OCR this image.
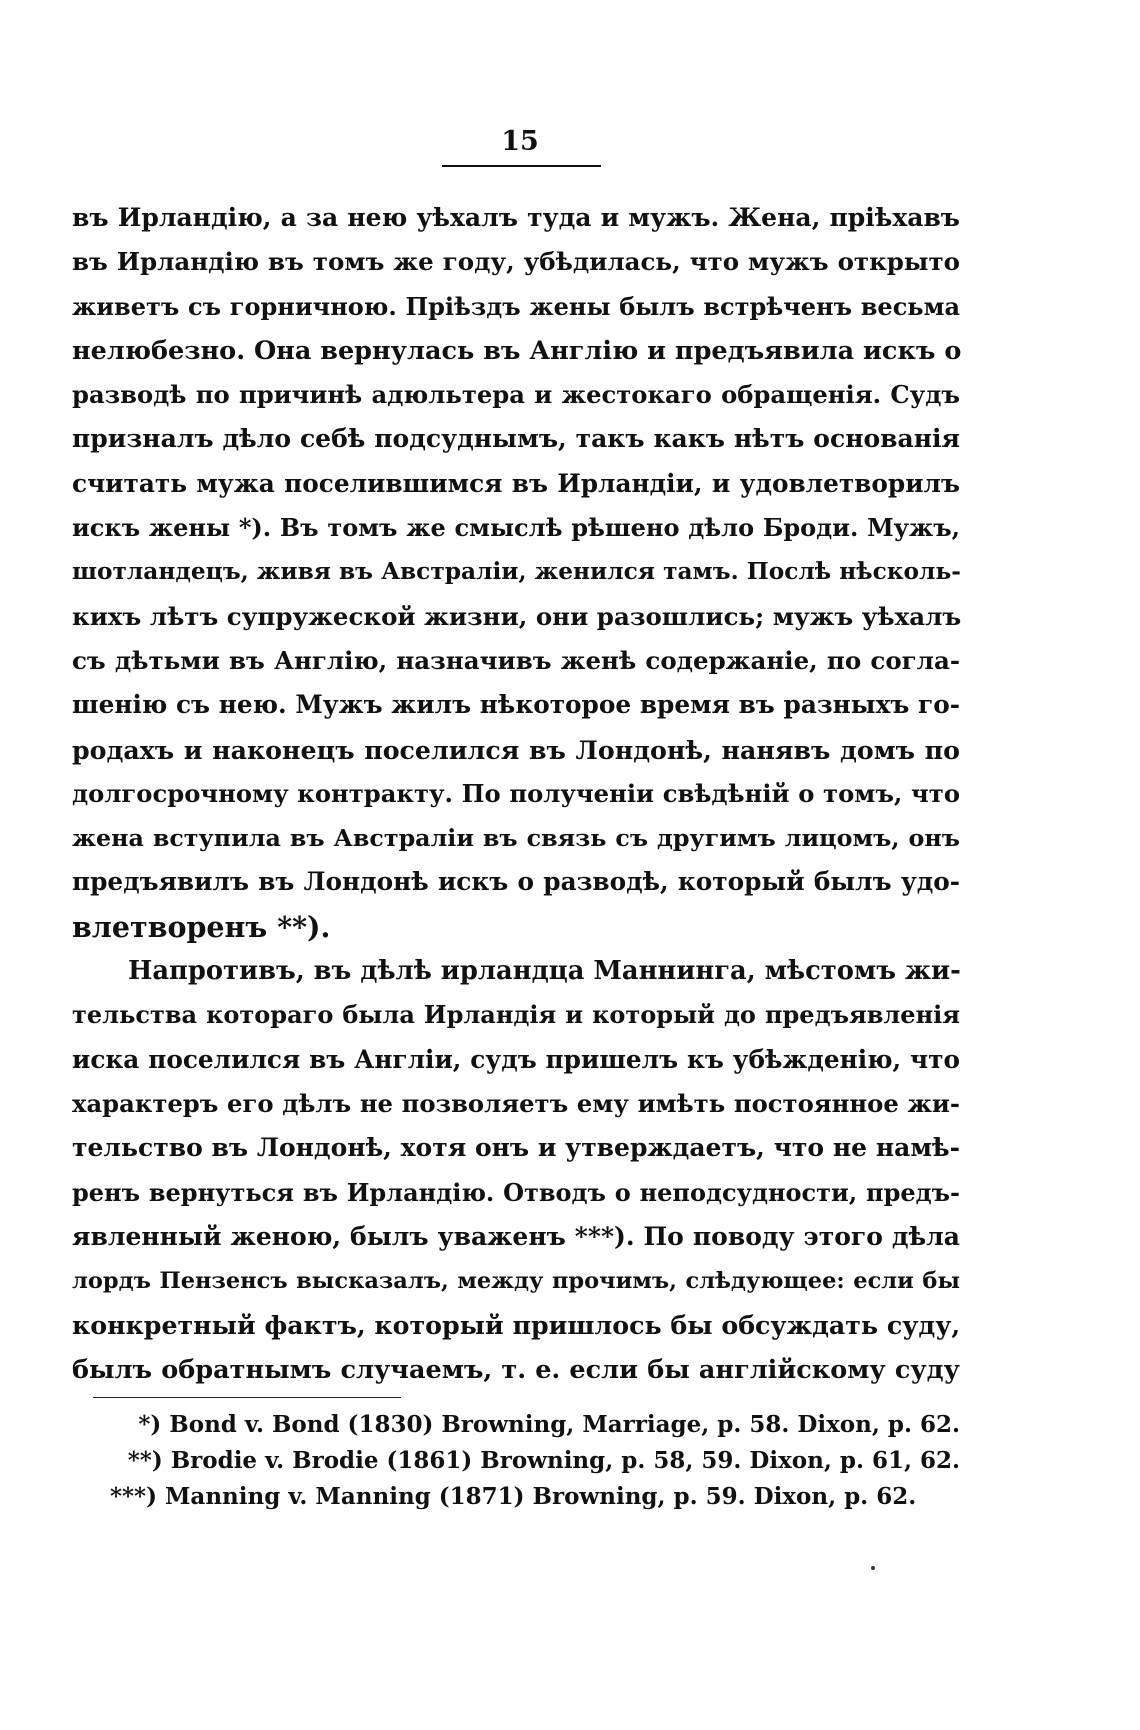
15
въ Ирландію, а за нею уѣхалъ туда и мужъ. Жена, пріѣхавъ
въ Ирландію въ томъ же году, убѣдилась, что мужъ открыто
живетъ съ горничною. Пріѣздъ жены былъ встрѣченъ весьма
нелюбезно. Она вернулась въ Англію и предъявила искъ о
разводѣ по причинѣ адюльтера и жестокаго обращенія. Судъ
призналъ дѣло себѣ подсуднымъ, такъ какъ нѣтъ основанія
считать мужа поселившимся въ Ирландіи, и удовлетворилъ
искъ жены *). Въ томъ же смыслѣ рѣшено дѣло Броди. Мужъ,
шотландецъ, живя въ Австраліи, женился тамъ. Послѣ нѣсколь-
кихъ лѣтъ супружеской жизни, они разошлись; мужъ уѣхалъ
съ дѣтьми въ Англію, назначивъ женѣ содержаніе, по согла-
шенію съ нею. Мужъ жилъ нѣкоторое время въ разныхъ го-
родахъ и наконецъ поселился въ Лондонѣ, нанявъ домъ по
долгосрочному контракту. По полученіи свѣдѣній о томъ, что
жена вступила въ Австраліи въ связь съ другимъ лицомъ, онъ
предъявилъ въ Лондонѣ искъ о разводѣ, который былъ удо-
влетворенъ **).
Напротивъ, въ дѣлѣ ирландца Маннинга, мѣстомъ жи-
тельства котораго была Ирландія и который до предъявленія
иска поселился въ Англіи, судъ пришелъ къ убѣжденію, что
характеръ его дѣлъ не позволяетъ ему имѣть постоянное жи-
тельство въ Лондонѣ, хотя онъ и утверждаетъ, что не намѣ-
ренъ вернуться въ Ирландію. Отводъ о неподсудности, предъ-
явленный женою, былъ уваженъ ***). По поводу этого дѣла
лордъ Пензенсъ высказалъ, между прочимъ, слѣдующее: если бы
конкретный фактъ, который пришлось бы обсуждать суду,
былъ обратнымъ случаемъ, т. е. если бы англійскому суду
*) Bond v. Bond (1830) Browning, Marriage, p. 58. Dixon, p. 62.
**) Brodie v. Brodie (1861) Browning, p. 58, 59. Dixon, p. 61, 62.
***) Manning v. Manning (1871) Browning, p. 59. Dixon, p. 62.
